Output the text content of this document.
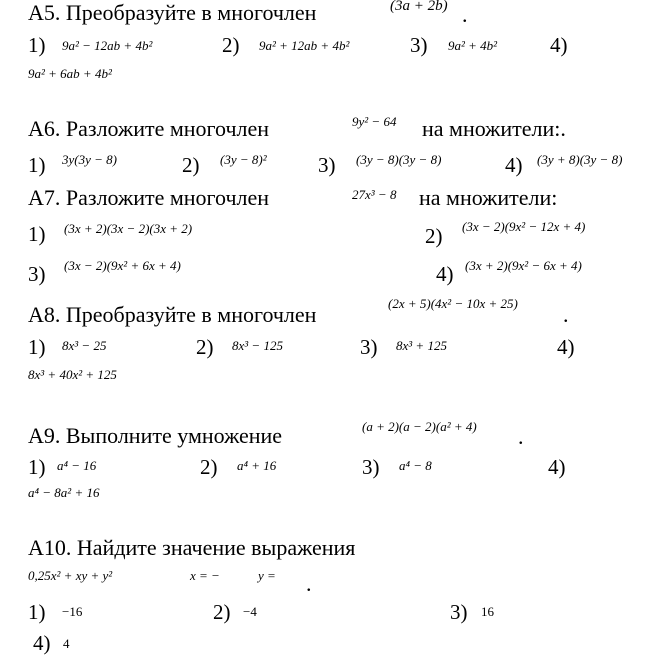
А5. Преобразуйте в многочлен	(3a + 2b) .
1) 9a² − 12ab + 4b²	2) 9a² + 12ab + 4b²	3) 9a² + 4b²	4)
9a² + 6ab + 4b²
А6. Разложите многочлен	9y² − 64 на множители:.
1) 3y(3y − 8)	2) (3y − 8)² 3) (3y − 8)(3y − 8)	4) (3y + 8)(3y − 8)
А7. Разложите многочлен	27x³ − 8 на множители:
1) (3x + 2)(3x − 2)(3x + 2)	2) (3x − 2)(9x² − 12x + 4)
3) (3x − 2)(9x² + 6x + 4)	4) (3x + 2)(9x² − 6x + 4)
А8. Преобразуйте в многочлен	(2x + 5)(4x² − 10x + 25) .
1) 8x³ − 25	2) 8x³ − 125	3) 8x³ + 125	4)
8x³ + 40x² + 125
А9. Выполните умножение	(a + 2)(a − 2)(a² + 4) .
1) a⁴ − 16	2) a⁴ + 16	3) a⁴ − 8	4)
a⁴ − 8a² + 16
А10. Найдите значение выражения
0,25x² + xy + y²	x = −	y = .
1) −16	2) −4	3) 16
4) 4
